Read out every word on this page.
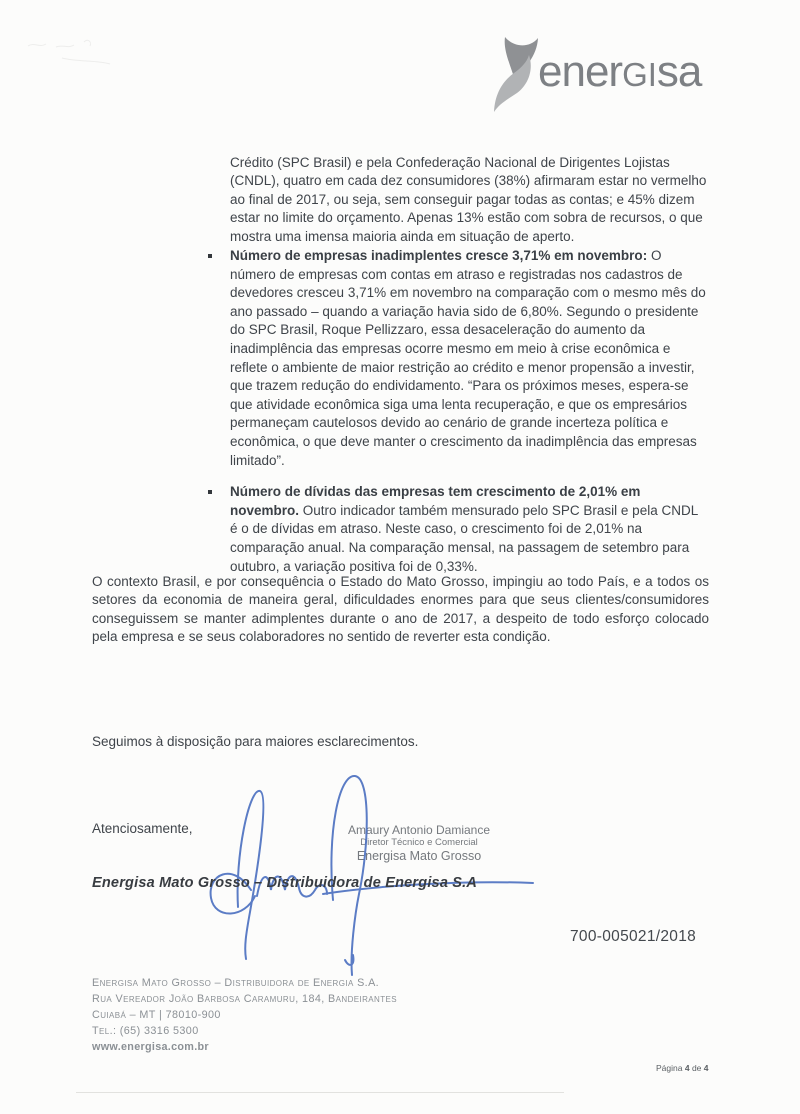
enerGIsa

Crédito (SPC Brasil) e pela Confederação Nacional de Dirigentes Lojistas (CNDL), quatro em cada dez consumidores (38%) afirmaram estar no vermelho ao final de 2017, ou seja, sem conseguir pagar todas as contas; e 45% dizem estar no limite do orçamento. Apenas 13% estão com sobra de recursos, o que mostra uma imensa maioria ainda em situação de aperto.

Número de empresas inadimplentes cresce 3,71% em novembro: O número de empresas com contas em atraso e registradas nos cadastros de devedores cresceu 3,71% em novembro na comparação com o mesmo mês do ano passado – quando a variação havia sido de 6,80%. Segundo o presidente do SPC Brasil, Roque Pellizzaro, essa desaceleração do aumento da inadimplência das empresas ocorre mesmo em meio à crise econômica e reflete o ambiente de maior restrição ao crédito e menor propensão a investir, que trazem redução do endividamento. “Para os próximos meses, espera-se que atividade econômica siga uma lenta recuperação, e que os empresários permaneçam cautelosos devido ao cenário de grande incerteza política e econômica, o que deve manter o crescimento da inadimplência das empresas limitado”.

Número de dívidas das empresas tem crescimento de 2,01% em novembro. Outro indicador também mensurado pelo SPC Brasil e pela CNDL é o de dívidas em atraso. Neste caso, o crescimento foi de 2,01% na comparação anual. Na comparação mensal, na passagem de setembro para outubro, a variação positiva foi de 0,33%.

O contexto Brasil, e por consequência o Estado do Mato Grosso, impingiu ao todo País, e a todos os setores da economia de maneira geral, dificuldades enormes para que seus clientes/consumidores conseguissem se manter adimplentes durante o ano de 2017, a despeito de todo esforço colocado pela empresa e se seus colaboradores no sentido de reverter esta condição.

Seguimos à disposição para maiores esclarecimentos.

Atenciosamente,	Amaury Antonio Damiance
Diretor Técnico e Comercial
Energisa Mato Grosso
Energisa Mato Grosso – Distribuidora de Energisa S.A
700-005021/2018
Energisa Mato Grosso – Distribuidora de Energia S.A.
Rua Vereador João Barbosa Caramuru, 184, Bandeirantes
Cuiabá – MT | 78010-900
Tel.: (65) 3316 5300
www.energisa.com.br
Página 4 de 4
